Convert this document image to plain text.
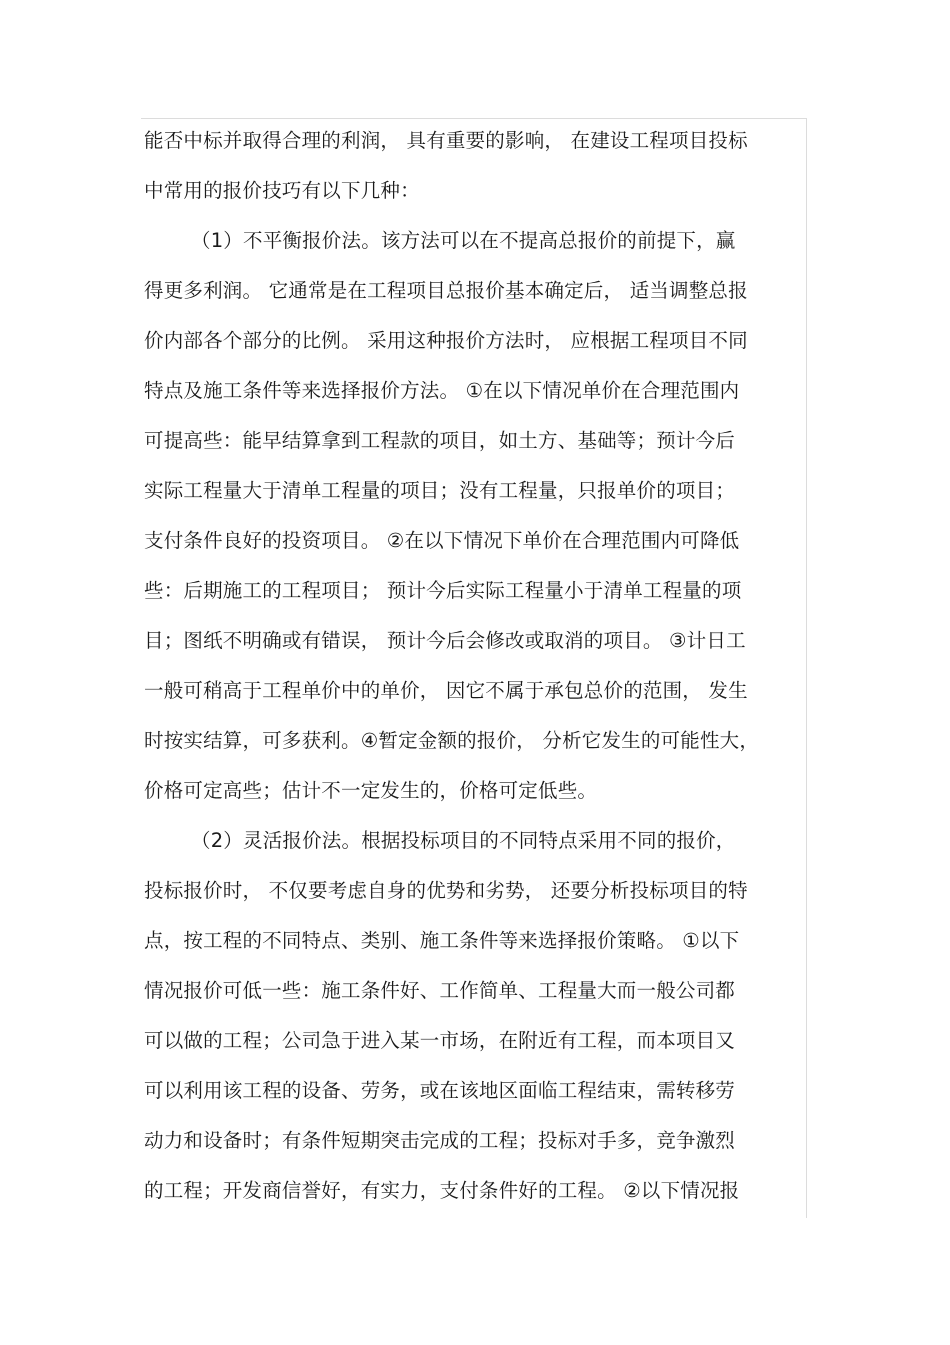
能否中标并取得合理的利润， 具有重要的影响， 在建设工程项目投标
中常用的报价技巧有以下几种：
（1）不平衡报价法。该方法可以在不提高总报价的前提下，赢
得更多利润。 它通常是在工程项目总报价基本确定后， 适当调整总报
价内部各个部分的比例。 采用这种报价方法时， 应根据工程项目不同
特点及施工条件等来选择报价方法。 ①在以下情况单价在合理范围内
可提高些：能早结算拿到工程款的项目，如土方、基础等；预计今后
实际工程量大于清单工程量的项目；没有工程量，只报单价的项目；
支付条件良好的投资项目。 ②在以下情况下单价在合理范围内可降低
些：后期施工的工程项目； 预计今后实际工程量小于清单工程量的项
目；图纸不明确或有错误， 预计今后会修改或取消的项目。 ③计日工
一般可稍高于工程单价中的单价， 因它不属于承包总价的范围， 发生
时按实结算，可多获利。④暂定金额的报价， 分析它发生的可能性大，
价格可定高些；估计不一定发生的，价格可定低些。
（2）灵活报价法。根据投标项目的不同特点采用不同的报价，
投标报价时， 不仅要考虑自身的优势和劣势， 还要分析投标项目的特
点，按工程的不同特点、类别、施工条件等来选择报价策略。 ①以下
情况报价可低一些：施工条件好、工作简单、工程量大而一般公司都
可以做的工程；公司急于进入某一市场，在附近有工程，而本项目又
可以利用该工程的设备、劳务，或在该地区面临工程结束，需转移劳
动力和设备时；有条件短期突击完成的工程；投标对手多，竞争激烈
的工程；开发商信誉好，有实力，支付条件好的工程。 ②以下情况报
